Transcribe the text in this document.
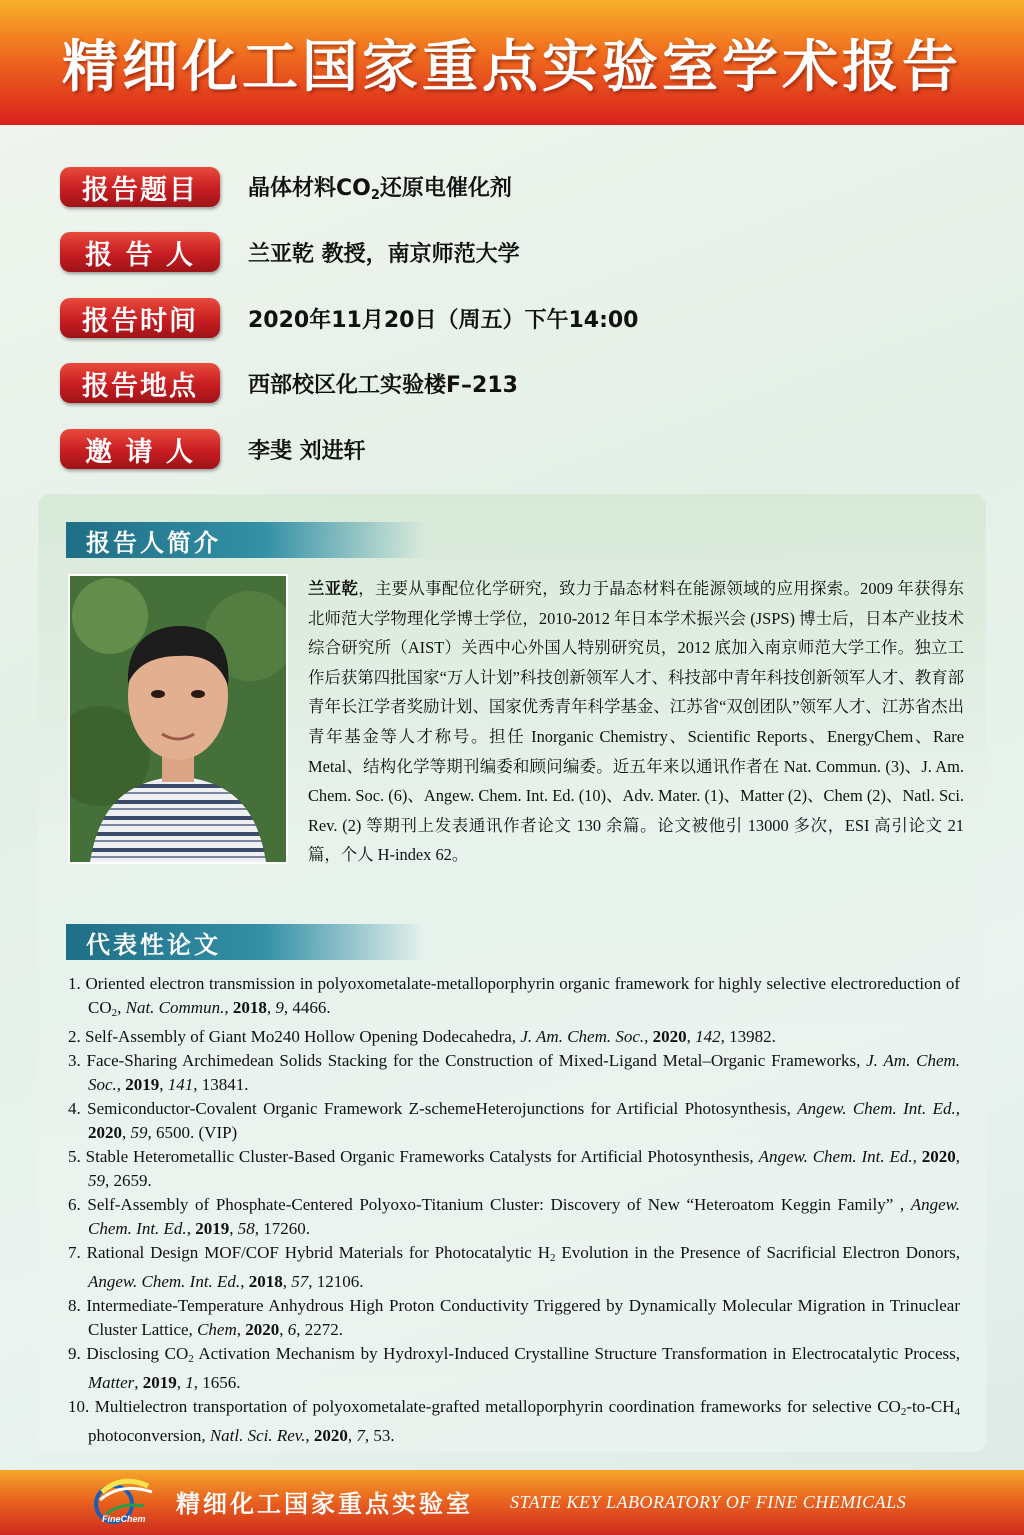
精细化工国家重点实验室学术报告
报告题目	晶体材料$CO_2$还原电催化剂
报 告 人	兰亚乾 教授，南京师范大学
报告时间	2020年11月20日（周五）下午14:00
报告地点	西部校区化工实验楼F–213
邀 请 人	李斐 刘进轩
报告人简介
兰亚乾，主要从事配位化学研究，致力于晶态材料在能源领域的应用探索。2009 年获得东北师范大学物理化学博士学位，2010-2012 年日本学术振兴会 (JSPS) 博士后，日本产业技术综合研究所（AIST）关西中心外国人特别研究员，2012 底加入南京师范大学工作。独立工作后获第四批国家“万人计划”科技创新领军人才、科技部中青年科技创新领军人才、教育部青年长江学者奖励计划、国家优秀青年科学基金、江苏省“双创团队”领军人才、江苏省杰出青年基金等人才称号。担任 Inorganic Chemistry、Scientific Reports、EnergyChem、Rare Metal、结构化学等期刊编委和顾问编委。近五年来以通讯作者在 Nat. Commun. (3)、J. Am. Chem. Soc. (6)、Angew. Chem. Int. Ed. (10)、Adv. Mater. (1)、Matter (2)、Chem (2)、Natl. Sci. Rev. (2) 等期刊上发表通讯作者论文 130 余篇。论文被他引 13000 多次，ESI 高引论文 21 篇，个人 H-index 62。
代表性论文
1. Oriented electron transmission in polyoxometalate-metalloporphyrin organic framework for highly selective electroreduction of $CO_2$, Nat. Commun., 2018, 9, 4466.
2. Self-Assembly of Giant Mo240 Hollow Opening Dodecahedra, J. Am. Chem. Soc., 2020, 142, 13982.
3. Face-Sharing Archimedean Solids Stacking for the Construction of Mixed-Ligand Metal–Organic Frameworks, J. Am. Chem. Soc., 2019, 141, 13841.
4. Semiconductor-Covalent Organic Framework Z-schemeHeterojunctions for Artificial Photosynthesis, Angew. Chem. Int. Ed., 2020, 59, 6500. (VIP)
5. Stable Heterometallic Cluster‐Based Organic Frameworks Catalysts for Artificial Photosynthesis, Angew. Chem. Int. Ed., 2020, 59, 2659.
6. Self‐Assembly of Phosphate‐Centered Polyoxo‐Titanium Cluster: Discovery of New “Heteroatom Keggin Family” , Angew. Chem. Int. Ed., 2019, 58, 17260.
7. Rational Design MOF/COF Hybrid Materials for Photocatalytic $H_2$ Evolution in the Presence of Sacrificial Electron Donors, Angew. Chem. Int. Ed., 2018, 57, 12106.
8. Intermediate-Temperature Anhydrous High Proton Conductivity Triggered by Dynamically Molecular Migration in Trinuclear Cluster Lattice, Chem, 2020, 6, 2272.
9. Disclosing $CO_2$ Activation Mechanism by Hydroxyl-Induced Crystalline Structure Transformation in Electrocatalytic Process, Matter, 2019, 1, 1656.
10. Multielectron transportation of polyoxometalate-grafted metalloporphyrin coordination frameworks for selective $CO_2-to-CH_4$ photoconversion, Natl. Sci. Rev., 2020, 7, 53.
FineChem
精细化工国家重点实验室 STATE KEY LABORATORY OF FINE CHEMICALS
